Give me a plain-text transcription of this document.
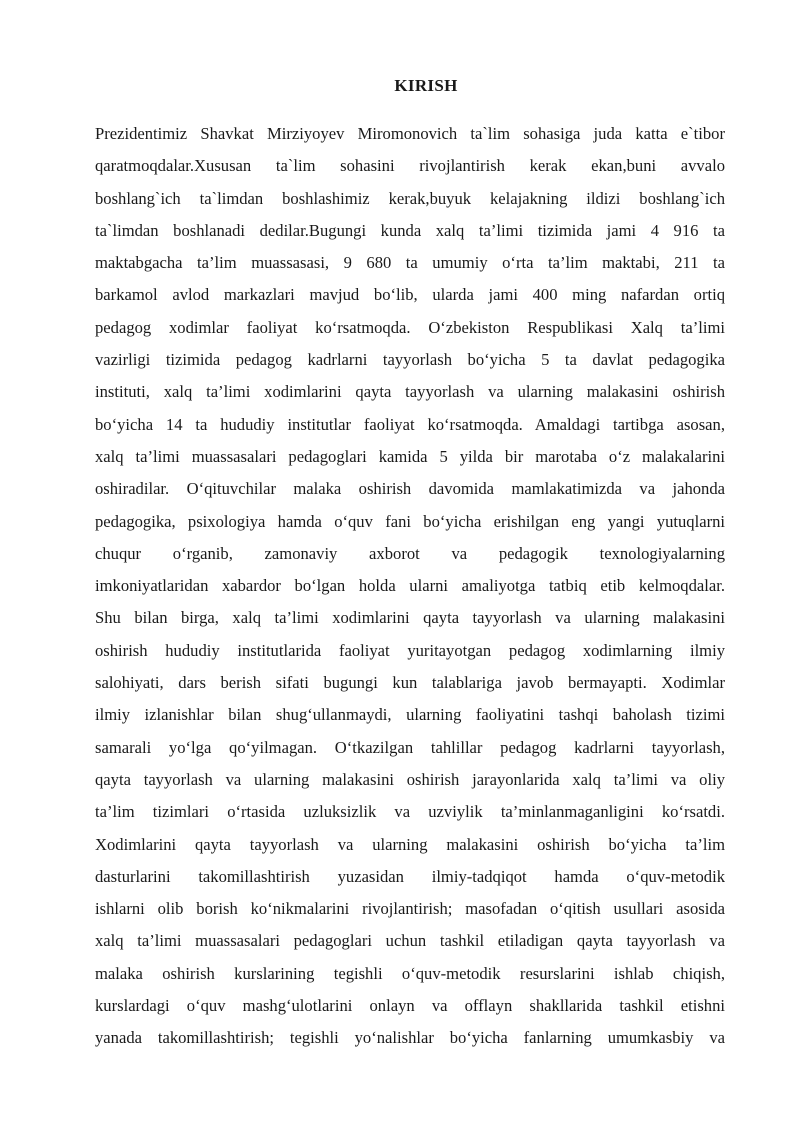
KIRISH
Prezidentimiz Shavkat Mirziyoyev Miromonovich ta`lim sohasiga juda katta e`tibor
qaratmoqdalar.Xususan ta`lim sohasini rivojlantirish kerak ekan,buni avvalo
boshlang`ich ta`limdan boshlashimiz kerak,buyuk kelajakning ildizi boshlang`ich
ta`limdan boshlanadi dedilar.Bugungi kunda xalq ta’limi tizimida jami 4 916 ta
maktabgacha ta’lim muassasasi, 9 680 ta umumiy o‘rta ta’lim maktabi, 211 ta
barkamol avlod markazlari mavjud bo‘lib, ularda jami 400 ming nafardan ortiq
pedagog xodimlar faoliyat ko‘rsatmoqda. O‘zbekiston Respublikasi Xalq ta’limi
vazirligi tizimida pedagog kadrlarni tayyorlash bo‘yicha 5 ta davlat pedagogika
instituti, xalq ta’limi xodimlarini qayta tayyorlash va ularning malakasini oshirish
bo‘yicha 14 ta hududiy institutlar faoliyat ko‘rsatmoqda. Amaldagi tartibga asosan,
xalq ta’limi muassasalari pedagoglari kamida 5 yilda bir marotaba o‘z malakalarini
oshiradilar. O‘qituvchilar malaka oshirish davomida mamlakatimizda va jahonda
pedagogika, psixologiya hamda o‘quv fani bo‘yicha erishilgan eng yangi yutuqlarni
chuqur o‘rganib, zamonaviy axborot va pedagogik texnologiyalarning
imkoniyatlaridan xabardor bo‘lgan holda ularni amaliyotga tatbiq etib kelmoqdalar.
Shu bilan birga, xalq ta’limi xodimlarini qayta tayyorlash va ularning malakasini
oshirish hududiy institutlarida faoliyat yuritayotgan pedagog xodimlarning ilmiy
salohiyati, dars berish sifati bugungi kun talablariga javob bermayapti. Xodimlar
ilmiy izlanishlar bilan shug‘ullanmaydi, ularning faoliyatini tashqi baholash tizimi
samarali yo‘lga qo‘yilmagan. O‘tkazilgan tahlillar pedagog kadrlarni tayyorlash,
qayta tayyorlash va ularning malakasini oshirish jarayonlarida xalq ta’limi va oliy
ta’lim tizimlari o‘rtasida uzluksizlik va uzviylik ta’minlanmaganligini ko‘rsatdi.
Xodimlarini qayta tayyorlash va ularning malakasini oshirish bo‘yicha ta’lim
dasturlarini takomillashtirish yuzasidan ilmiy-tadqiqot hamda o‘quv-metodik
ishlarni olib borish ko‘nikmalarini rivojlantirish; masofadan o‘qitish usullari asosida
xalq ta’limi muassasalari pedagoglari uchun tashkil etiladigan qayta tayyorlash va
malaka oshirish kurslarining tegishli o‘quv-metodik resurslarini ishlab chiqish,
kurslardagi o‘quv mashg‘ulotlarini onlayn va offlayn shakllarida tashkil etishni
yanada takomillashtirish; tegishli yo‘nalishlar bo‘yicha fanlarning umumkasbiy va
